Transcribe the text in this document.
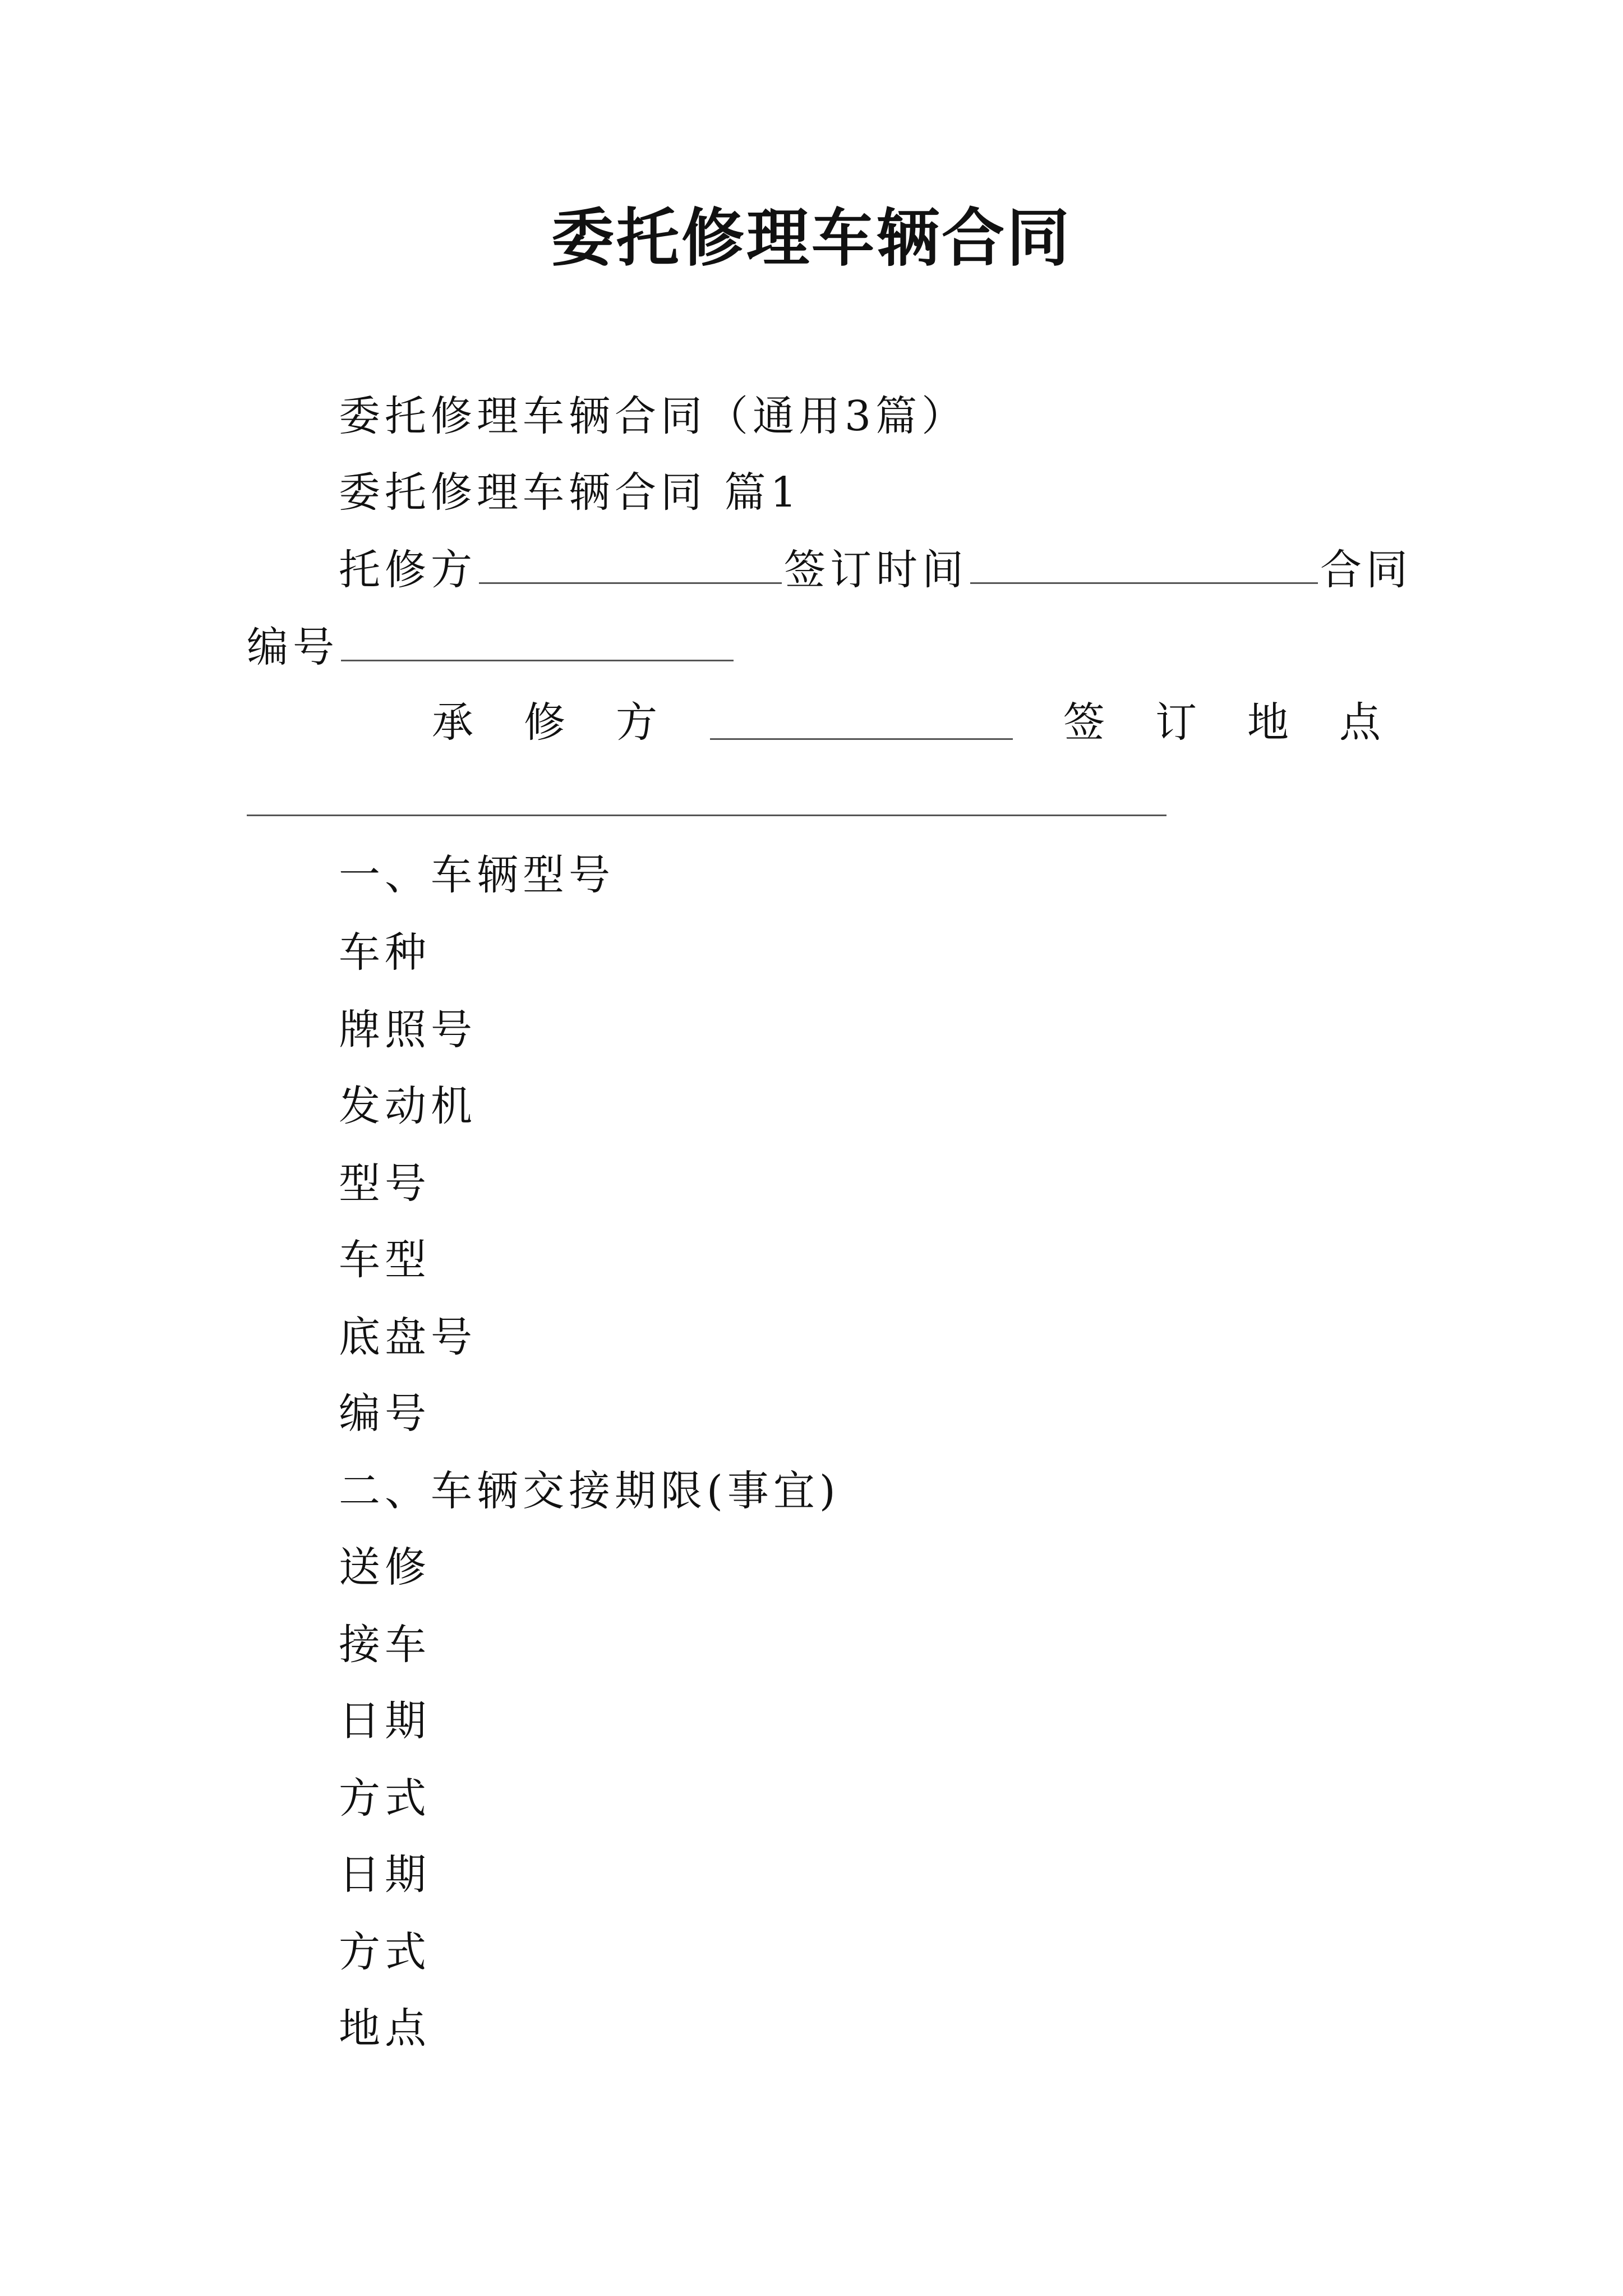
委托修理车辆合同
委托修理车辆合同（通用3篇）
委托修理车辆合同 篇1
托修方	签订时间	合同
编号
承 修 方	签 订 地 点
一、车辆型号
车种
牌照号
发动机
型号
车型
底盘号
编号
二、车辆交接期限(事宜)
送修
接车
日期
方式
日期
方式
地点
